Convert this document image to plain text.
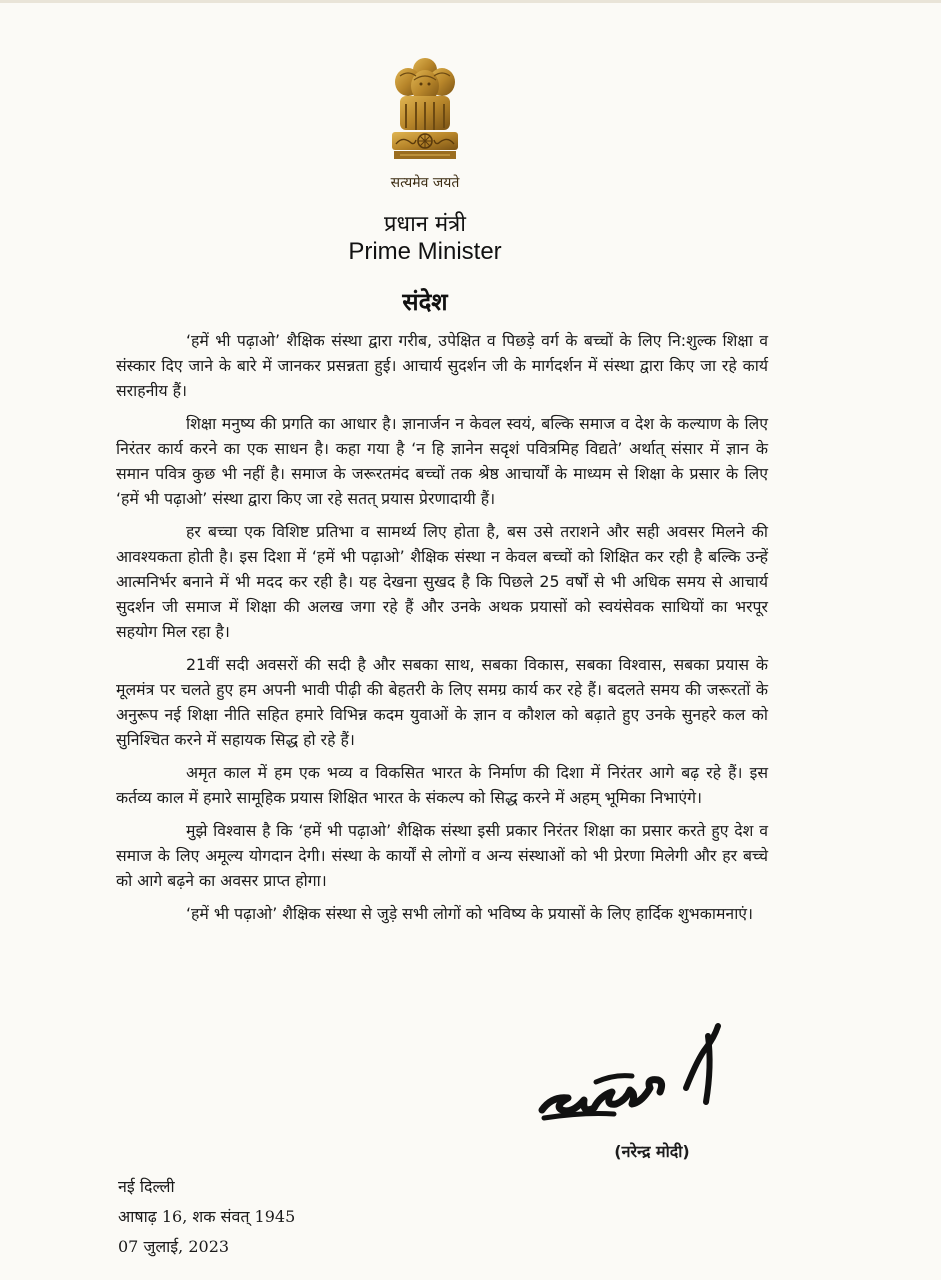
सत्यमेव जयते
प्रधान मंत्री
Prime Minister
संदेश

‘हमें भी पढ़ाओ’ शैक्षिक संस्था द्वारा गरीब, उपेक्षित व पिछड़े वर्ग के बच्चों के लिए नि:शुल्क शिक्षा व संस्कार दिए जाने के बारे में जानकर प्रसन्नता हुई। आचार्य सुदर्शन जी के मार्गदर्शन में संस्था द्वारा किए जा रहे कार्य सराहनीय हैं।

शिक्षा मनुष्य की प्रगति का आधार है। ज्ञानार्जन न केवल स्वयं, बल्कि समाज व देश के कल्याण के लिए निरंतर कार्य करने का एक साधन है। कहा गया है ‘न हि ज्ञानेन सदृशं पवित्रमिह विद्यते’ अर्थात् संसार में ज्ञान के समान पवित्र कुछ भी नहीं है। समाज के जरूरतमंद बच्चों तक श्रेष्ठ आचार्यों के माध्यम से शिक्षा के प्रसार के लिए ‘हमें भी पढ़ाओ’ संस्था द्वारा किए जा रहे सतत् प्रयास प्रेरणादायी हैं।

हर बच्चा एक विशिष्ट प्रतिभा व सामर्थ्य लिए होता है, बस उसे तराशने और सही अवसर मिलने की आवश्यकता होती है। इस दिशा में ‘हमें भी पढ़ाओ’ शैक्षिक संस्था न केवल बच्चों को शिक्षित कर रही है बल्कि उन्हें आत्मनिर्भर बनाने में भी मदद कर रही है। यह देखना सुखद है कि पिछले 25 वर्षों से भी अधिक समय से आचार्य सुदर्शन जी समाज में शिक्षा की अलख जगा रहे हैं और उनके अथक प्रयासों को स्वयंसेवक साथियों का भरपूर सहयोग मिल रहा है।

21वीं सदी अवसरों की सदी है और सबका साथ, सबका विकास, सबका विश्वास, सबका प्रयास के मूलमंत्र पर चलते हुए हम अपनी भावी पीढ़ी की बेहतरी के लिए समग्र कार्य कर रहे हैं। बदलते समय की जरूरतों के अनुरूप नई शिक्षा नीति सहित हमारे विभिन्न कदम युवाओं के ज्ञान व कौशल को बढ़ाते हुए उनके सुनहरे कल को सुनिश्चित करने में सहायक सिद्ध हो रहे हैं।

अमृत काल में हम एक भव्य व विकसित भारत के निर्माण की दिशा में निरंतर आगे बढ़ रहे हैं। इस कर्तव्य काल में हमारे सामूहिक प्रयास शिक्षित भारत के संकल्प को सिद्ध करने में अहम् भूमिका निभाएंगे।

मुझे विश्वास है कि ‘हमें भी पढ़ाओ’ शैक्षिक संस्था इसी प्रकार निरंतर शिक्षा का प्रसार करते हुए देश व समाज के लिए अमूल्य योगदान देगी। संस्था के कार्यों से लोगों व अन्य संस्थाओं को भी प्रेरणा मिलेगी और हर बच्चे को आगे बढ़ने का अवसर प्राप्त होगा।

‘हमें भी पढ़ाओ’ शैक्षिक संस्था से जुड़े सभी लोगों को भविष्य के प्रयासों के लिए हार्दिक शुभकामनाएं।

(नरेन्द्र मोदी)
नई दिल्ली
आषाढ़ 16, शक संवत् 1945
07 जुलाई, 2023
